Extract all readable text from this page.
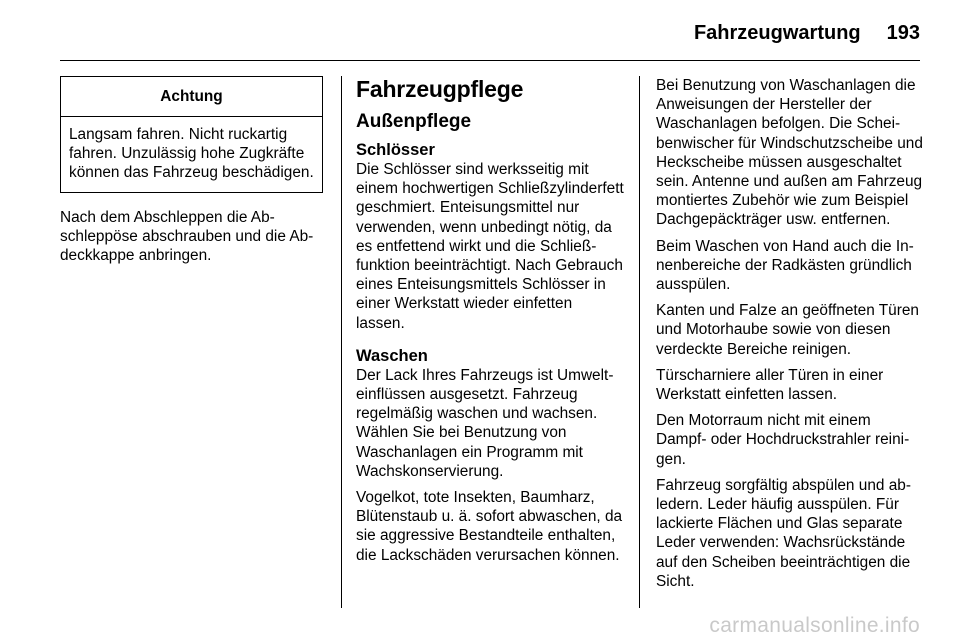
Fahrzeugwartung 193
Achtung
Langsam fahren. Nicht ruckartig fahren. Unzulässig hohe Zugkräfte können das Fahrzeug beschädigen.

Nach dem Abschleppen die Abschleppöse abschrauben und die Abdeckkappe anbringen.

Fahrzeugpflege
Außenpflege
Schlösser

Die Schlösser sind werksseitig mit einem hochwertigen Schließzylinderfett geschmiert. Enteisungsmittel nur verwenden, wenn unbedingt nötig, da es entfettend wirkt und die Schließfunktion beeinträchtigt. Nach Gebrauch eines Enteisungsmittels Schlösser in einer Werkstatt wieder einfetten lassen.

Waschen

Der Lack Ihres Fahrzeugs ist Umwelteinflüssen ausgesetzt. Fahrzeug regelmäßig waschen und wachsen. Wählen Sie bei Benutzung von Waschanlagen ein Programm mit Wachskonservierung.

Vogelkot, tote Insekten, Baumharz, Blütenstaub u. ä. sofort abwaschen, da sie aggressive Bestandteile enthalten, die Lackschäden verursachen können.

Bei Benutzung von Waschanlagen die Anweisungen der Hersteller der Waschanlagen befolgen. Die Scheibenwischer für Windschutzscheibe und Heckscheibe müssen ausgeschaltet sein. Antenne und außen am Fahrzeug montiertes Zubehör wie zum Beispiel Dachgepäckträger usw. entfernen.

Beim Waschen von Hand auch die Innenbereiche der Radkästen gründlich ausspülen.

Kanten und Falze an geöffneten Türen und Motorhaube sowie von diesen verdeckte Bereiche reinigen.

Türscharniere aller Türen in einer Werkstatt einfetten lassen.

Den Motorraum nicht mit einem Dampf- oder Hochdruckstrahler reinigen.

Fahrzeug sorgfältig abspülen und abledern. Leder häufig ausspülen. Für lackierte Flächen und Glas separate Leder verwenden: Wachsrückstände auf den Scheiben beeinträchtigen die Sicht.

carmanualsonline.info
